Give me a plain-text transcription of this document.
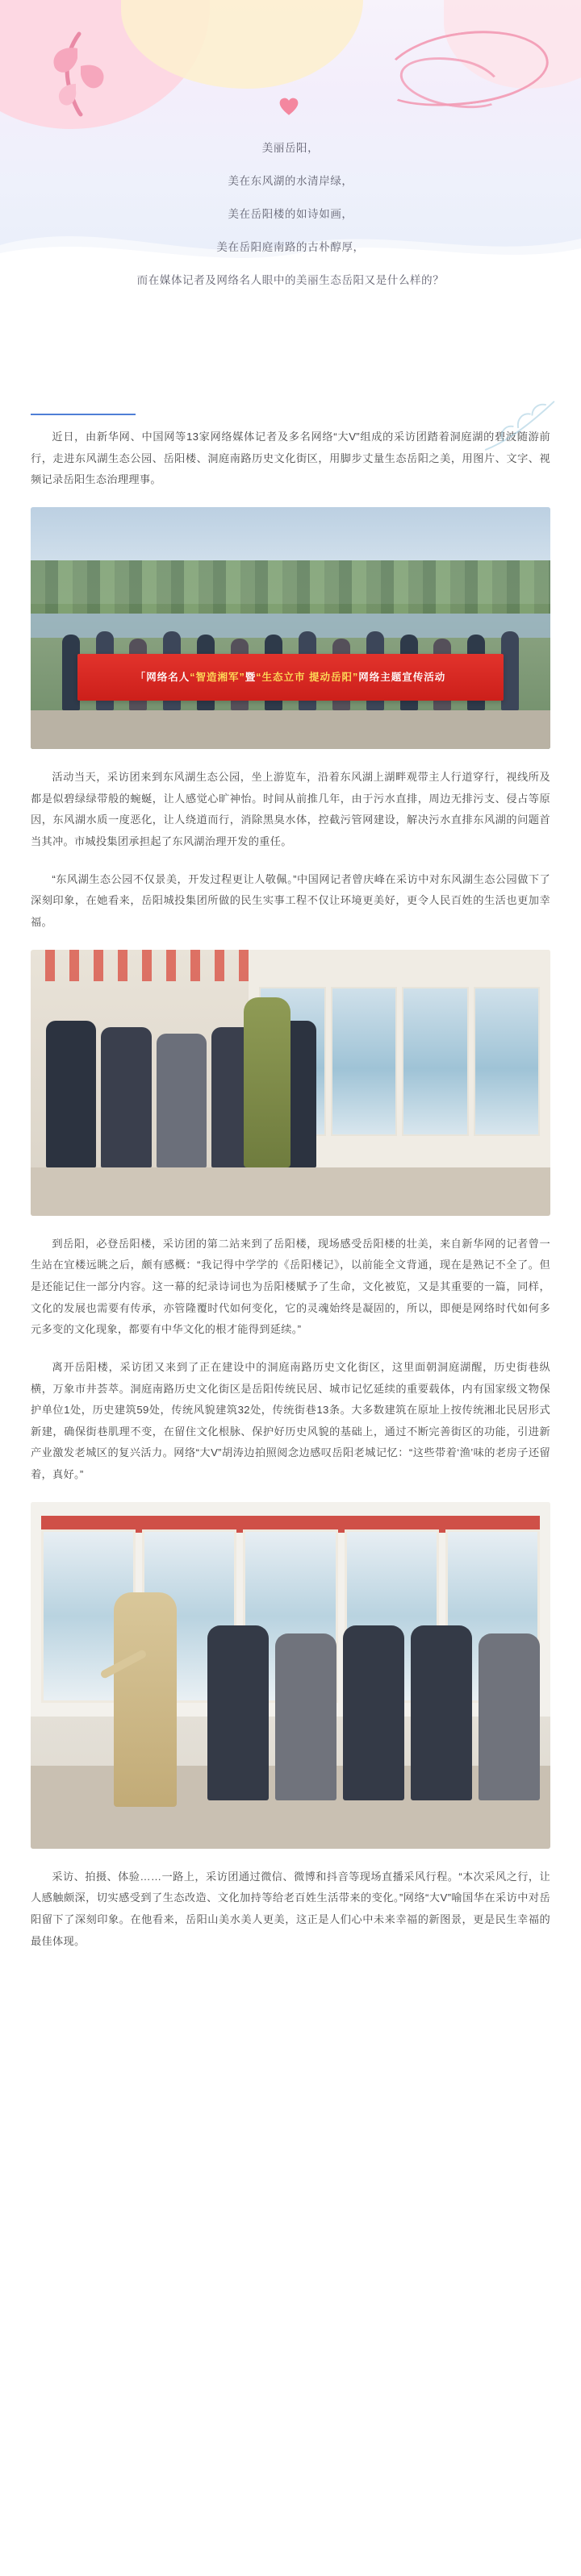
美丽岳阳，

美在东风湖的水清岸绿，

美在岳阳楼的如诗如画，

美在岳阳庭南路的古朴醇厚，

而在媒体记者及网络名人眼中的美丽生态岳阳又是什么样的？

近日，由新华网、中国网等13家网络媒体记者及多名网络“大V”组成的采访团踏着洞庭湖的碧波随游前行，走进东风湖生态公园、岳阳楼、洞庭南路历史文化街区，用脚步丈量生态岳阳之美，用图片、文字、视频记录岳阳生态治理理事。

「网络名人 “智造湘军” 暨 “生态立市 提动岳阳” 网络主题宣传活动

活动当天，采访团来到东风湖生态公园，坐上游览车，沿着东风湖上湖畔观带主人行道穿行，视线所及都是似碧绿绿带般的蜿蜒，让人感觉心旷神怡。时间从前推几年，由于污水直排，周边无排污支、侵占等原因，东风湖水质一度恶化，让人绕道而行，消除黑臭水体，控截污管网建设，解决污水直排东风湖的问题首当其冲。市城投集团承担起了东风湖治理开发的重任。

“东风湖生态公园不仅景美，开发过程更让人敬佩。”中国网记者曾庆峰在采访中对东风湖生态公园做下了深刻印象，在她看来，岳阳城投集团所做的民生实事工程不仅让环境更美好，更令人民百姓的生活也更加幸福。

到岳阳，必登岳阳楼，采访团的第二站来到了岳阳楼，现场感受岳阳楼的壮美，来自新华网的记者曾一生站在宜楼远眺之后，颇有感概：“我记得中学学的《岳阳楼记》，以前能全文背通，现在是熟记不全了。但是还能记住一部分内容。这一幕的纪录诗词也为岳阳楼赋予了生命，文化被览，又是其重要的一篇，同样，文化的发展也需要有传承，亦管隆覆时代如何变化，它的灵魂始终是凝固的，所以，即便是网络时代如何多元多变的文化现象，都要有中华文化的根才能得到延续。”

离开岳阳楼，采访团又来到了正在建设中的洞庭南路历史文化街区，这里面朝洞庭湖醒，历史街巷纵横，万象市井荟萃。洞庭南路历史文化街区是岳阳传统民居、城市记忆延续的重要载体，内有国家级文物保护单位1处，历史建筑59处，传统风貌建筑32处，传统街巷13条。大多数建筑在原址上按传统湘北民居形式新建，确保街巷肌理不变，在留住文化根脉、保护好历史风貌的基础上，通过不断完善街区的功能，引进新产业激发老城区的复兴活力。网络“大V”胡涛边拍照阅念边感叹岳阳老城记忆：“这些带着‘渔’味的老房子还留着，真好。”

采访、拍摄、体验……一路上，采访团通过微信、微博和抖音等现场直播采风行程。“本次采风之行，让人感触颇深，切实感受到了生态改造、文化加持等给老百姓生活带来的变化。”网络“大V”喻国华在采访中对岳阳留下了深刻印象。在他看来，岳阳山美水美人更美，这正是人们心中未来幸福的新图景，更是民生幸福的最佳体现。
